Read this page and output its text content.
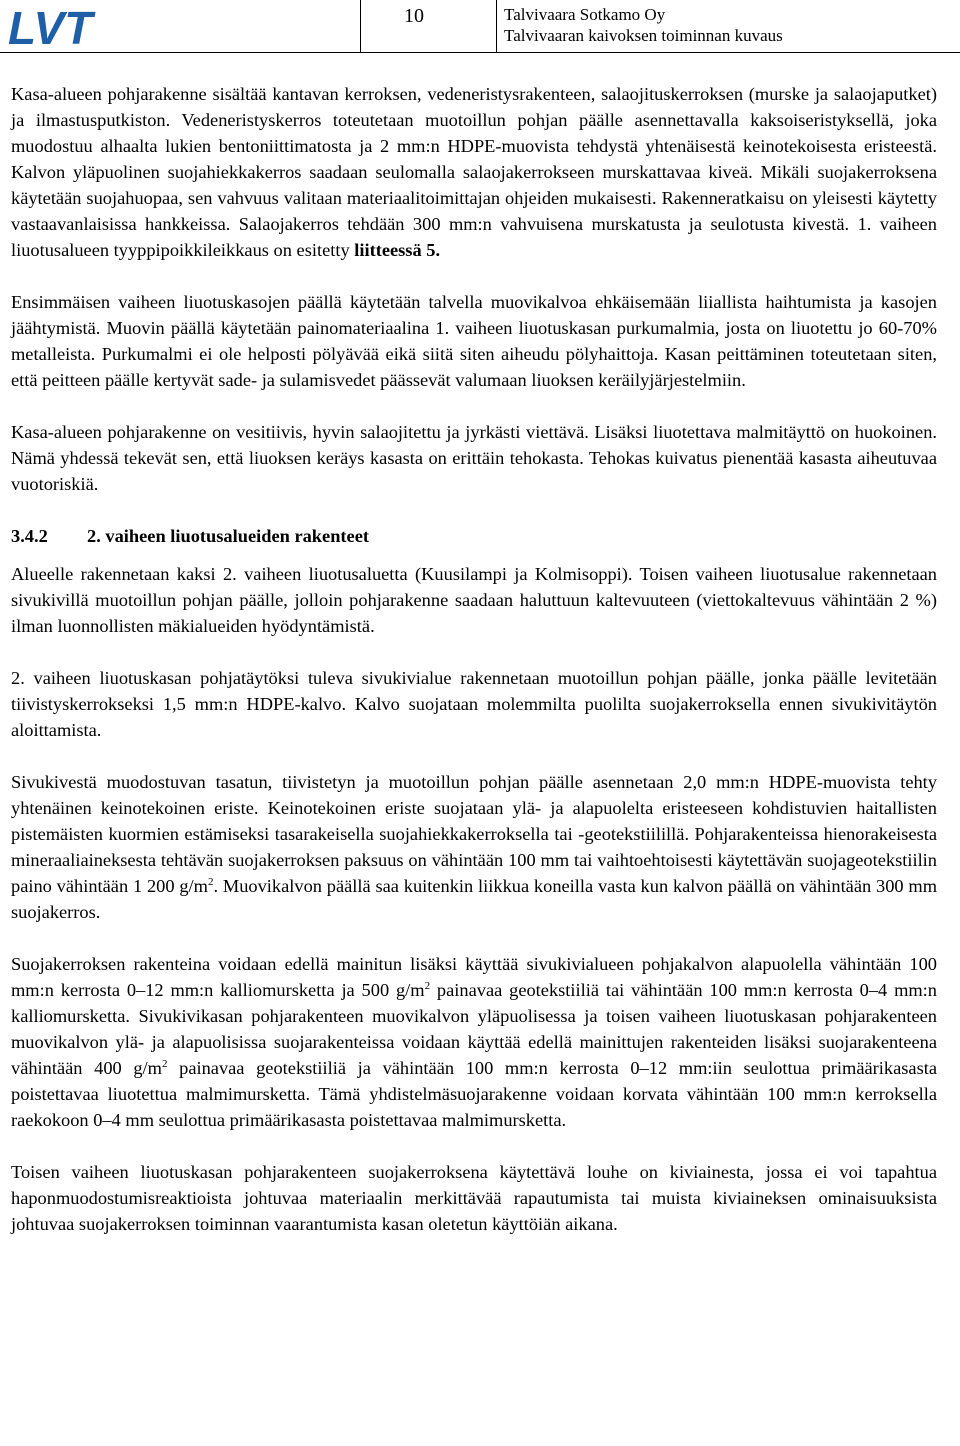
LVT	10	Talvivaara Sotkamo Oy
Talvivaaran kaivoksen toiminnan kuvaus

Kasa-alueen pohjarakenne sisältää kantavan kerroksen, vedeneristysrakenteen, salaojituskerroksen (murske ja salaojaputket) ja ilmastusputkiston. Vedeneristyskerros toteutetaan muotoillun pohjan päälle asennettavalla kaksoiseristyksellä, joka muodostuu alhaalta lukien bentoniittimatosta ja 2 mm:n HDPE-muovista tehdystä yhtenäisestä keinotekoisesta eristeestä. Kalvon yläpuolinen suojahiekkakerros saadaan seulomalla salaojakerrokseen murskattavaa kiveä. Mikäli suojakerroksena käytetään suojahuopaa, sen vahvuus valitaan materiaalitoimittajan ohjeiden mukaisesti. Rakenneratkaisu on yleisesti käytetty vastaavanlaisissa hankkeissa. Salaojakerros tehdään 300 mm:n vahvuisena murskatusta ja seulotusta kivestä. 1. vaiheen liuotusalueen tyyppipoikkileikkaus on esitetty liitteessä 5.

Ensimmäisen vaiheen liuotuskasojen päällä käytetään talvella muovikalvoa ehkäisemään liiallista haihtumista ja kasojen jäähtymistä. Muovin päällä käytetään painomateriaalina 1. vaiheen liuotuskasan purkumalmia, josta on liuotettu jo 60-70% metalleista. Purkumalmi ei ole helposti pölyävää eikä siitä siten aiheudu pölyhaittoja. Kasan peittäminen toteutetaan siten, että peitteen päälle kertyvät sade- ja sulamisvedet päässevät valumaan liuoksen keräilyjärjestelmiin.

Kasa-alueen pohjarakenne on vesitiivis, hyvin salaojitettu ja jyrkästi viettävä. Lisäksi liuotettava malmitäyttö on huokoinen. Nämä yhdessä tekevät sen, että liuoksen keräys kasasta on erittäin tehokasta. Tehokas kuivatus pienentää kasasta aiheutuvaa vuotoriskiä.

3.4.2 2. vaiheen liuotusalueiden rakenteet

Alueelle rakennetaan kaksi 2. vaiheen liuotusaluetta (Kuusilampi ja Kolmisoppi). Toisen vaiheen liuotusalue rakennetaan sivukivillä muotoillun pohjan päälle, jolloin pohjarakenne saadaan haluttuun kaltevuuteen (viettokaltevuus vähintään 2 %) ilman luonnollisten mäkialueiden hyödyntämistä.

2. vaiheen liuotuskasan pohjatäytöksi tuleva sivukivialue rakennetaan muotoillun pohjan päälle, jonka päälle levitetään tiivistyskerrokseksi 1,5 mm:n HDPE-kalvo. Kalvo suojataan molemmilta puolilta suojakerroksella ennen sivukivitäytön aloittamista.

Sivukivestä muodostuvan tasatun, tiivistetyn ja muotoillun pohjan päälle asennetaan 2,0 mm:n HDPE-muovista tehty yhtenäinen keinotekoinen eriste. Keinotekoinen eriste suojataan ylä- ja alapuolelta eristeeseen kohdistuvien haitallisten pistemäisten kuormien estämiseksi tasarakeisella suojahiekkakerroksella tai -geotekstiilillä. Pohjarakenteissa hienorakeisesta mineraaliaineksesta tehtävän suojakerroksen paksuus on vähintään 100 mm tai vaihtoehtoisesti käytettävän suojageotekstiilin paino vähintään 1 200 $g/m^2$. Muovikalvon päällä saa kuitenkin liikkua koneilla vasta kun kalvon päällä on vähintään 300 mm suojakerros.

Suojakerroksen rakenteina voidaan edellä mainitun lisäksi käyttää sivukivialueen pohjakalvon alapuolella vähintään 100 mm:n kerrosta 0–12 mm:n kalliomursketta ja 500 $g/m^2$ painavaa geotekstiiliä tai vähintään 100 mm:n kerrosta 0–4 mm:n kalliomursketta. Sivukivikasan pohjarakenteen muovikalvon yläpuolisessa ja toisen vaiheen liuotuskasan pohjarakenteen muovikalvon ylä- ja alapuolisissa suojarakenteissa voidaan käyttää edellä mainittujen rakenteiden lisäksi suojarakenteena vähintään 400 $g/m^2$ painavaa geotekstiiliä ja vähintään 100 mm:n kerrosta 0–12 mm:iin seulottua primäärikasasta poistettavaa liuotettua malmimursketta. Tämä yhdistelmäsuojarakenne voidaan korvata vähintään 100 mm:n kerroksella raekokoon 0–4 mm seulottua primäärikasasta poistettavaa malmimursketta.

Toisen vaiheen liuotuskasan pohjarakenteen suojakerroksena käytettävä louhe on kiviainesta, jossa ei voi tapahtua haponmuodostumisreaktioista johtuvaa materiaalin merkittävää rapautumista tai muista kiviaineksen ominaisuuksista johtuvaa suojakerroksen toiminnan vaarantumista kasan oletetun käyttöiän aikana.
